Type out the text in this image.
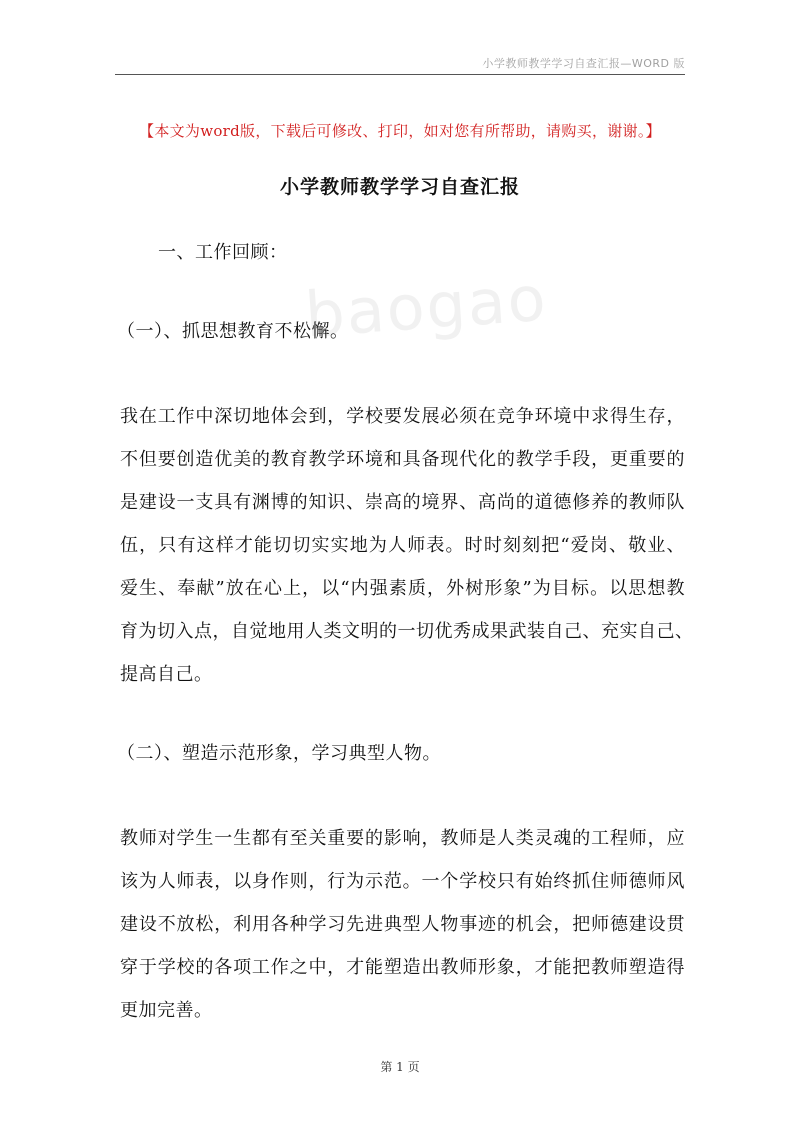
baogao
小学教师教学学习自查汇报—WORD 版
【本文为word版，下载后可修改、打印，如对您有所帮助，请购买，谢谢。】
小学教师教学学习自查汇报
一、工作回顾：
（一）、抓思想教育不松懈。
我在工作中深切地体会到，学校要发展必须在竞争环境中求得生存，
不但要创造优美的教育教学环境和具备现代化的教学手段，更重要的
是建设一支具有渊博的知识、崇高的境界、高尚的道德修养的教师队
伍，只有这样才能切切实实地为人师表。时时刻刻把“爱岗、敬业、
爱生、奉献”放在心上，以“内强素质，外树形象”为目标。以思想教
育为切入点，自觉地用人类文明的一切优秀成果武装自己、充实自己、
提高自己。
（二）、塑造示范形象，学习典型人物。
教师对学生一生都有至关重要的影响，教师是人类灵魂的工程师，应
该为人师表，以身作则，行为示范。一个学校只有始终抓住师德师风
建设不放松，利用各种学习先进典型人物事迹的机会，把师德建设贯
穿于学校的各项工作之中，才能塑造出教师形象，才能把教师塑造得
更加完善。
第 1 页
